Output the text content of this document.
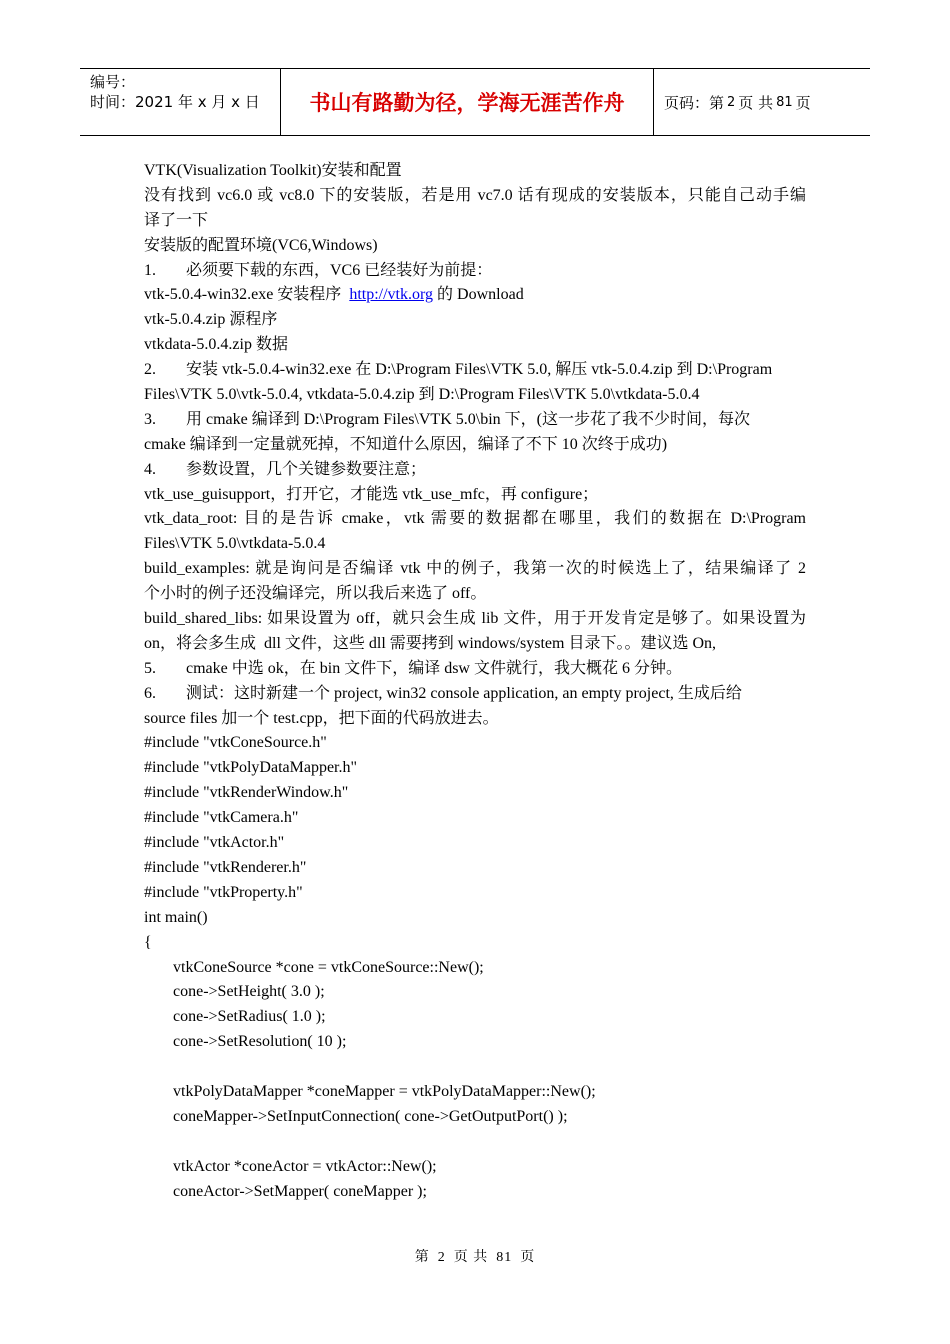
编号：
时间：2021 年 x 月 x 日	书山有路勤为径，学海无涯苦作舟	页码：第 2 页 共 81 页
VTK(Visualization Toolkit)安装和配置
没有找到 vc6.0 或 vc8.0 下的安装版，若是用 vc7.0 话有现成的安装版本，只能自己动手编
译了一下
安装版的配置环境(VC6,Windows)
1. 必须要下载的东西，VC6 已经装好为前提：
vtk-5.0.4-win32.exe 安装程序  http://vtk.org 的 Download
vtk-5.0.4.zip 源程序
vtkdata-5.0.4.zip 数据
2. 安装 vtk-5.0.4-win32.exe 在 D:\Program Files\VTK 5.0, 解压 vtk-5.0.4.zip 到 D:\Program
Files\VTK 5.0\vtk-5.0.4, vtkdata-5.0.4.zip 到 D:\Program Files\VTK 5.0\vtkdata-5.0.4
3. 用 cmake 编译到 D:\Program Files\VTK 5.0\bin 下，(这一步花了我不少时间，每次
cmake 编译到一定量就死掉，不知道什么原因，编译了不下 10 次终于成功)
4. 参数设置，几个关键参数要注意；
vtk_use_guisupport，打开它，才能选 vtk_use_mfc，再 configure；
vtk_data_root: 目的是告诉 cmake，vtk 需要的数据都在哪里，我们的数据在 D:\Program
Files\VTK 5.0\vtkdata-5.0.4
build_examples: 就是询问是否编译 vtk 中的例子，我第一次的时候选上了，结果编译了 2
个小时的例子还没编译完，所以我后来选了 off。
build_shared_libs: 如果设置为 off，就只会生成 lib 文件，用于开发肯定是够了。如果设置为
on，将会多生成  dll 文件，这些 dll 需要拷到 windows/system 目录下。。建议选 On,
5. cmake 中选 ok，在 bin 文件下，编译 dsw 文件就行，我大概花 6 分钟。
6. 测试：这时新建一个 project, win32 console application, an empty project, 生成后给
source files 加一个 test.cpp，把下面的代码放进去。
#include "vtkConeSource.h"
#include "vtkPolyDataMapper.h"
#include "vtkRenderWindow.h"
#include "vtkCamera.h"
#include "vtkActor.h"
#include "vtkRenderer.h"
#include "vtkProperty.h"
int main()
{
vtkConeSource *cone = vtkConeSource::New();
cone->SetHeight( 3.0 );
cone->SetRadius( 1.0 );
cone->SetResolution( 10 );
vtkPolyDataMapper *coneMapper = vtkPolyDataMapper::New();
coneMapper->SetInputConnection( cone->GetOutputPort() );
vtkActor *coneActor = vtkActor::New();
coneActor->SetMapper( coneMapper );
第 2 页 共 81 页
